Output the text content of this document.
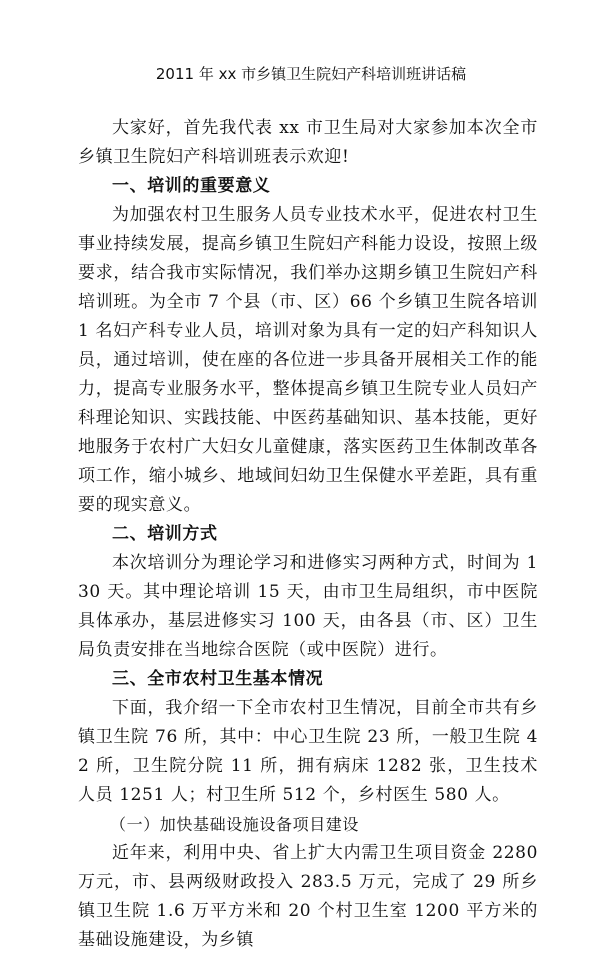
2011 年 xx 市乡镇卫生院妇产科培训班讲话稿

大家好，首先我代表 xx 市卫生局对大家参加本次全市乡镇卫生院妇产科培训班表示欢迎!

一、培训的重要意义

为加强农村卫生服务人员专业技术水平，促进农村卫生事业持续发展，提高乡镇卫生院妇产科能力设设，按照上级要求，结合我市实际情况，我们举办这期乡镇卫生院妇产科培训班。为全市 7 个县（市、区）66 个乡镇卫生院各培训 1 名妇产科专业人员，培训对象为具有一定的妇产科知识人员，通过培训，使在座的各位进一步具备开展相关工作的能力，提高专业服务水平，整体提高乡镇卫生院专业人员妇产科理论知识、实践技能、中医药基础知识、基本技能，更好地服务于农村广大妇女儿童健康，落实医药卫生体制改革各项工作，缩小城乡、地域间妇幼卫生保健水平差距，具有重要的现实意义。

二、培训方式

本次培训分为理论学习和进修实习两种方式，时间为 130 天。其中理论培训 15 天，由市卫生局组织，市中医院具体承办，基层进修实习 100 天，由各县（市、区）卫生局负责安排在当地综合医院（或中医院）进行。

三、全市农村卫生基本情况

下面，我介绍一下全市农村卫生情况，目前全市共有乡镇卫生院 76 所，其中：中心卫生院 23 所，一般卫生院 42 所，卫生院分院 11 所，拥有病床 1282 张，卫生技术人员 1251 人；村卫生所 512 个，乡村医生 580 人。

（一）加快基础设施设备项目建设

近年来，利用中央、省上扩大内需卫生项目资金 2280 万元，市、县两级财政投入 283.5 万元，完成了 29 所乡镇卫生院 1.6 万平方米和 20 个村卫生室 1200 平方米的基础设施建设，为乡镇
